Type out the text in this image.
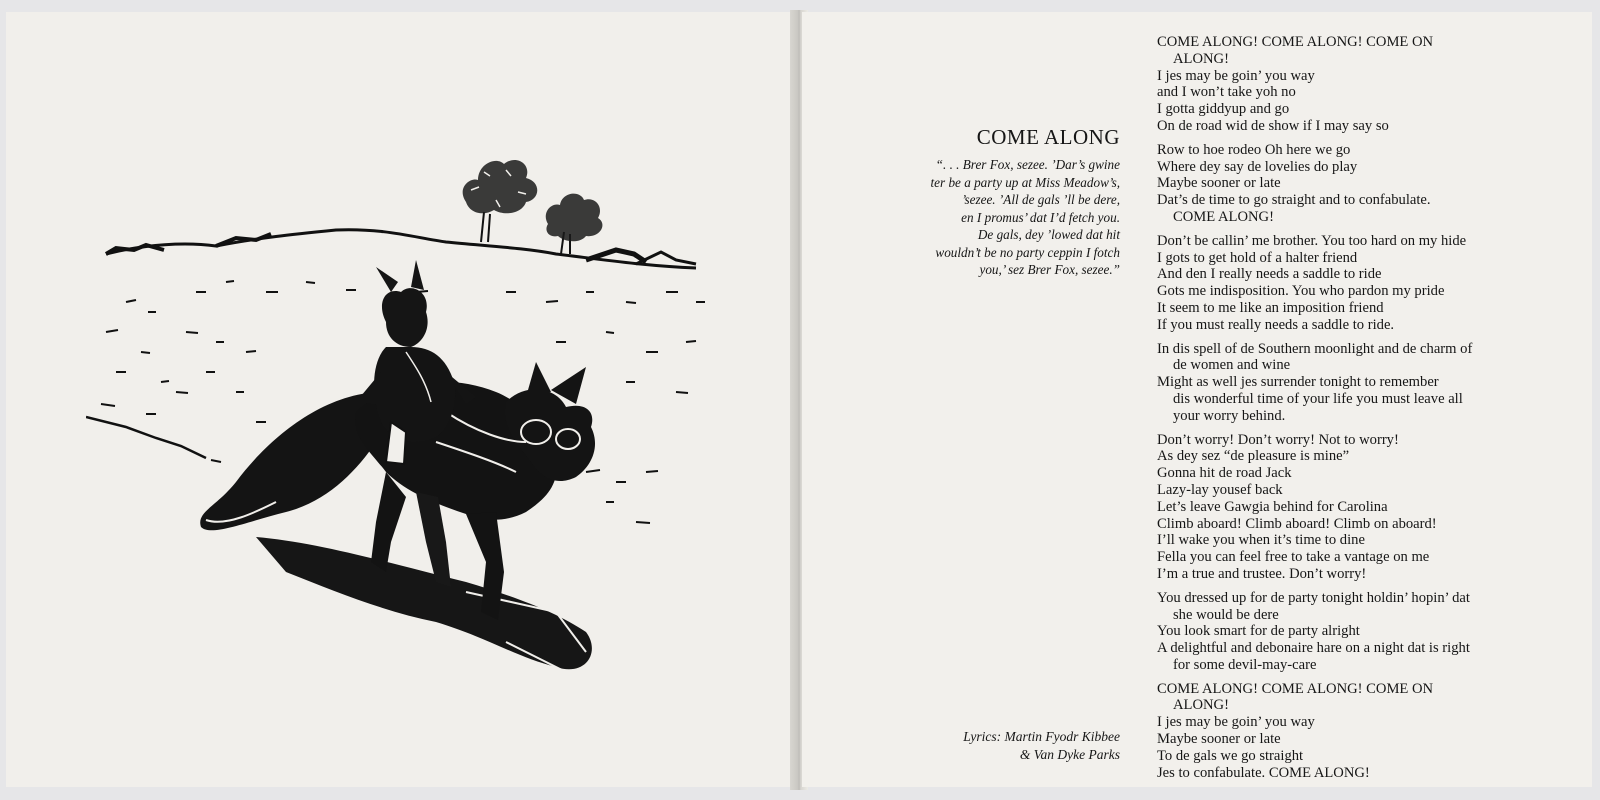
COME ALONG
“. . . Brer Fox, sezee. ’Dar’s gwine
ter be a party up at Miss Meadow’s,
’sezee. ’All de gals ’ll be dere,
en I promus’ dat I’d fetch you.
De gals, dey ’lowed dat hit
wouldn’t be no party ceppin I fotch
you,’ sez Brer Fox, sezee.”
Lyrics: Martin Fyodr Kibbee
& Van Dyke Parks
COME ALONG! COME ALONG! COME ON
ALONG!
I jes may be goin’ you way
and I won’t take yoh no
I gotta giddyup and go
On de road wid de show if I may say so
Row to hoe rodeo Oh here we go
Where dey say de lovelies do play
Maybe sooner or late
Dat’s de time to go straight and to confabulate.
COME ALONG!
Don’t be callin’ me brother. You too hard on my hide
I gots to get hold of a halter friend
And den I really needs a saddle to ride
Gots me indisposition. You who pardon my pride
It seem to me like an imposition friend
If you must really needs a saddle to ride.
In dis spell of de Southern moonlight and de charm of
de women and wine
Might as well jes surrender tonight to remember
dis wonderful time of your life you must leave all
your worry behind.
Don’t worry! Don’t worry! Not to worry!
As dey sez “de pleasure is mine”
Gonna hit de road Jack
Lazy-lay yousef back
Let’s leave Gawgia behind for Carolina
Climb aboard! Climb aboard! Climb on aboard!
I’ll wake you when it’s time to dine
Fella you can feel free to take a vantage on me
I’m a true and trustee. Don’t worry!
You dressed up for de party tonight holdin’ hopin’ dat
she would be dere
You look smart for de party alright
A delightful and debonaire hare on a night dat is right
for some devil-may-care
COME ALONG! COME ALONG! COME ON
ALONG!
I jes may be goin’ you way
Maybe sooner or late
To de gals we go straight
Jes to confabulate. COME ALONG!
